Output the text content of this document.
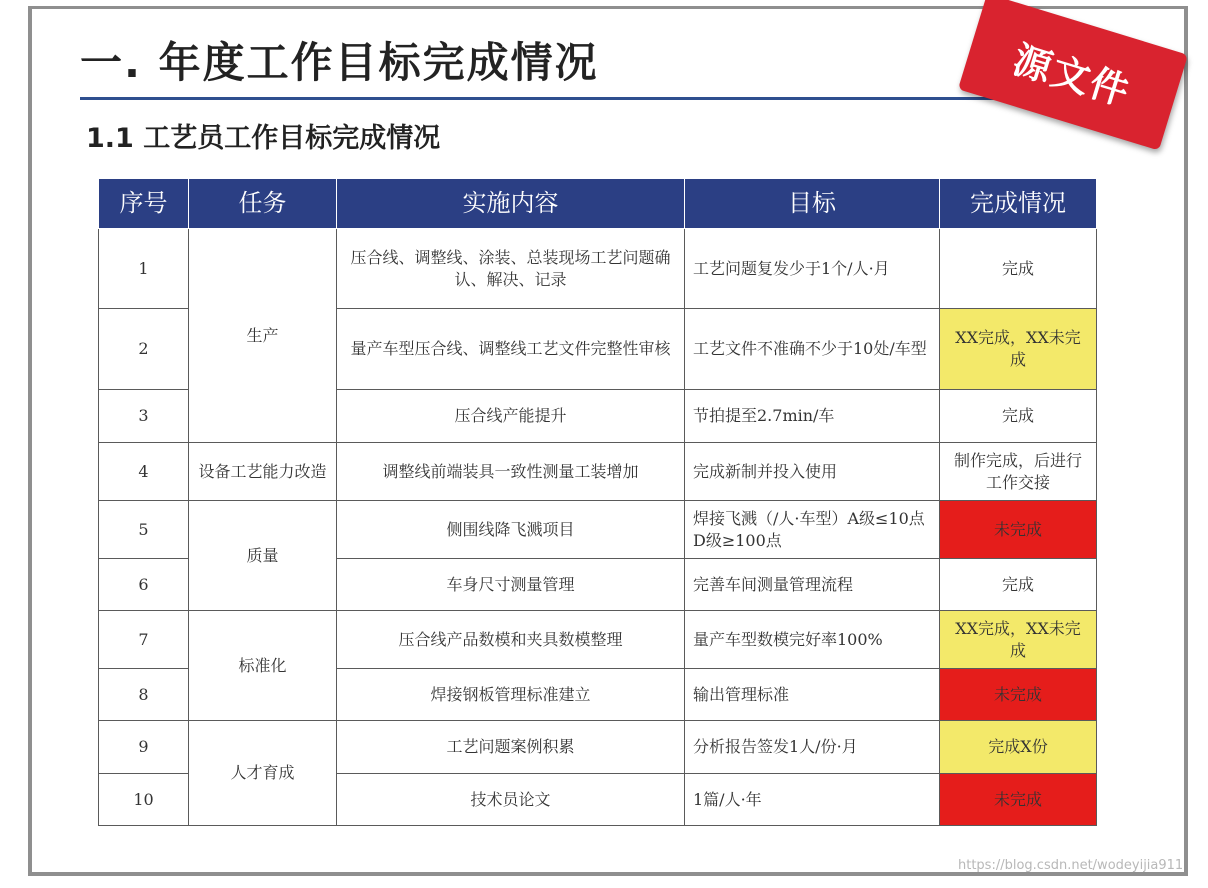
一. 年度工作目标完成情况
1.1 工艺员工作目标完成情况
源文件
序号	任务	实施内容	目标	完成情况
1	生产	压合线、调整线、涂装、总装现场工艺问题确认、解决、记录	工艺问题复发少于1个/人·月	完成
2		量产车型压合线、调整线工艺文件完整性审核	工艺文件不准确不少于10处/车型	XX完成，XX未完成
3		压合线产能提升	节拍提至2.7min/车	完成
4	设备工艺能力改造	调整线前端装具一致性测量工装增加	完成新制并投入使用	制作完成，后进行工作交接
5	质量	侧围线降飞溅项目	焊接飞溅（/人·车型）A级≤10点 D级≥100点	未完成
6		车身尺寸测量管理	完善车间测量管理流程	完成
7	标准化	压合线产品数模和夹具数模整理	量产车型数模完好率100%	XX完成，XX未完成
8		焊接钢板管理标准建立	输出管理标准	未完成
9	人才育成	工艺问题案例积累	分析报告签发1人/份·月	完成X份
10		技术员论文	1篇/人·年	未完成
https://blog.csdn.net/wodeyijia911
